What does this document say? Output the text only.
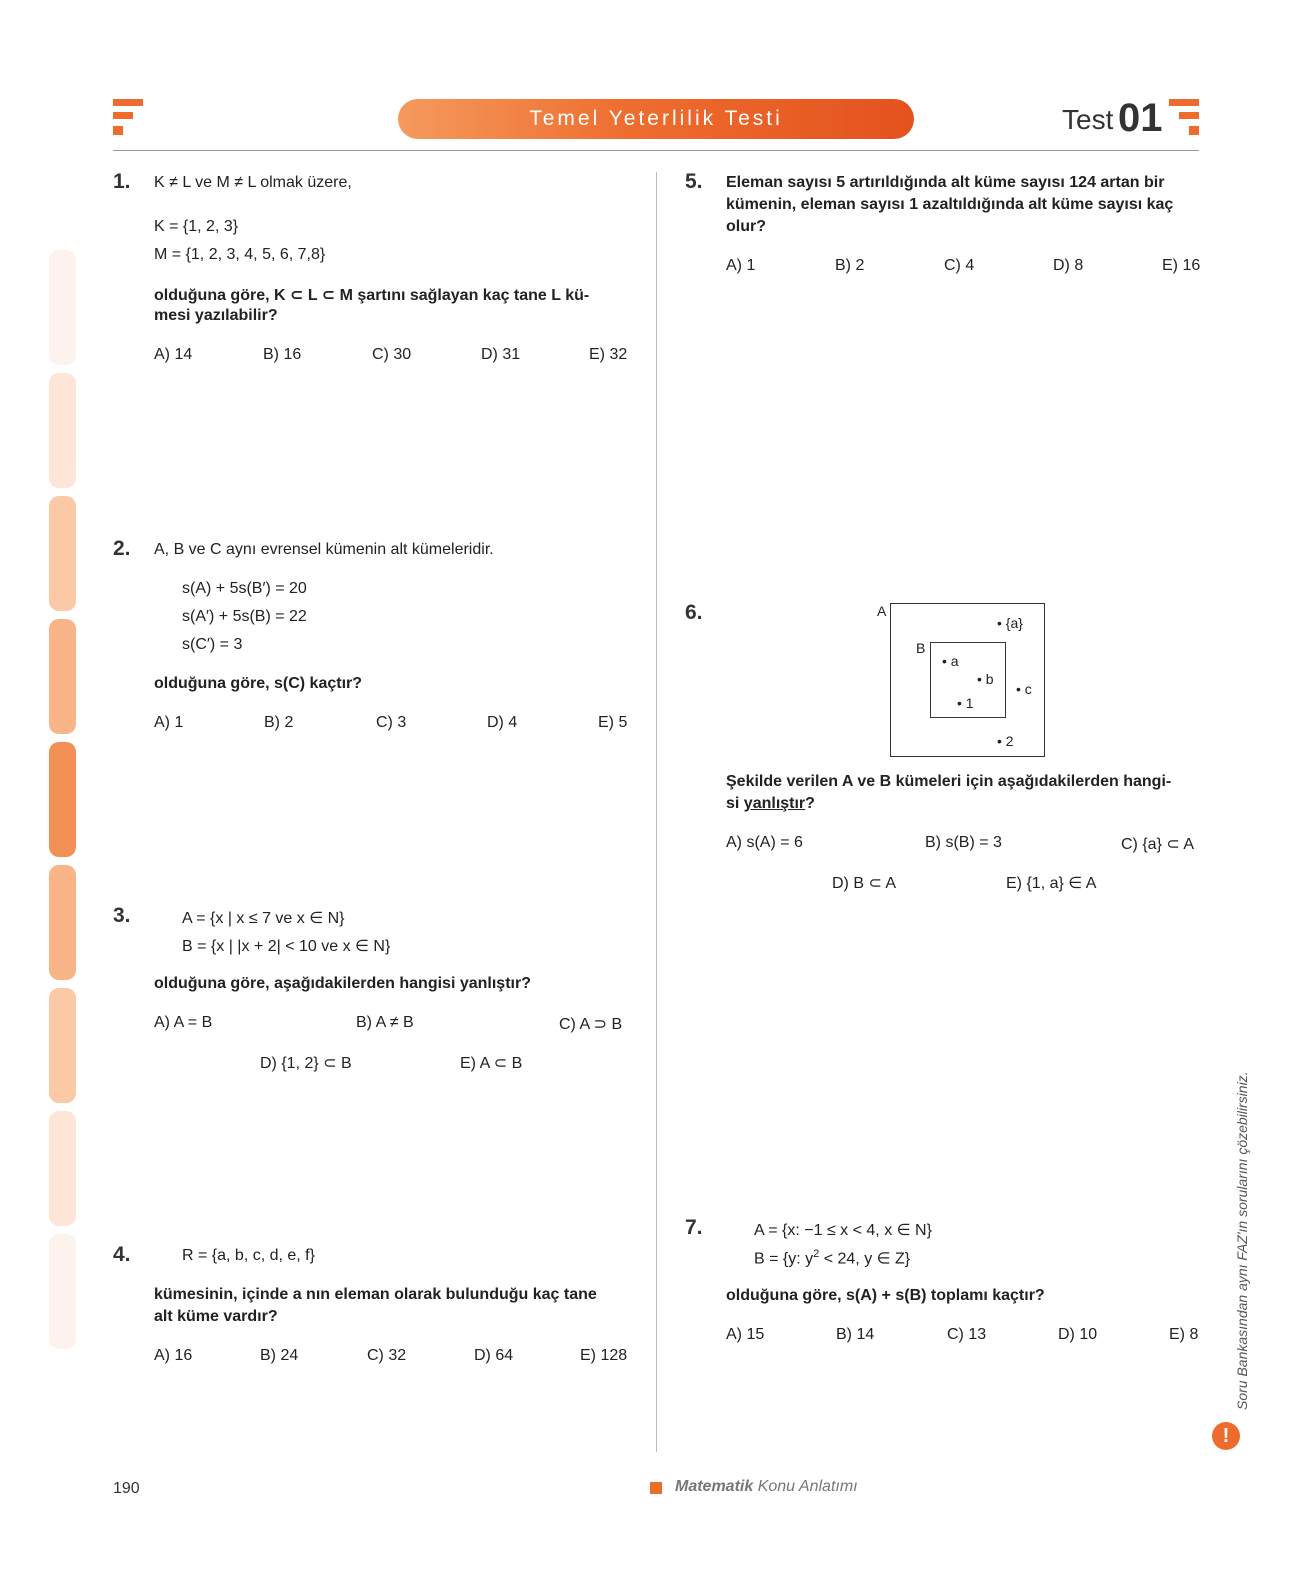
Temel Yeterlilik Testi	Test 01
1. K ≠ L ve M ≠ L olmak üzere,
K = {1, 2, 3}
M = {1, 2, 3, 4, 5, 6, 7,8}
olduğuna göre, K ⊂ L ⊂ M şartını sağlayan kaç tane L kü-
mesi yazılabilir?
A) 14	B) 16	C) 30	D) 31	E) 32
2. A, B ve C aynı evrensel kümenin alt kümeleridir.
s(A) + 5s(B′) = 20
s(A′) + 5s(B) = 22
s(C′) = 3
olduğuna göre, s(C) kaçtır?
A) 1	B) 2	C) 3	D) 4	E) 5
3.	A = {x | x ≤ 7 ve x ∈ N}
B = {x | |x + 2| < 10 ve x ∈ N}
olduğuna göre, aşağıdakilerden hangisi yanlıştır?
A) A = B	B) A ≠ B	C) A ⊃ B
D) {1, 2} ⊂ B	E) A ⊂ B
4.	R = {a, b, c, d, e, f}
kümesinin, içinde a nın eleman olarak bulunduğu kaç tane
alt küme vardır?
A) 16	B) 24	C) 32	D) 64	E) 128
5. Eleman sayısı 5 artırıldığında alt küme sayısı 124 artan bir
kümenin, eleman sayısı 1 azaltıldığında alt küme sayısı kaç
olur?
A) 1	B) 2	C) 4	D) 8	E) 16
6.	A
B
• {a}
• a
• b
• 1
• c
• 2
Şekilde verilen A ve B kümeleri için aşağıdakilerden hangi-
si yanlıştır?
A) s(A) = 6	B) s(B) = 3	C) {a} ⊂ A
D) B ⊂ A	E) {1, a} ∈ A
7.	A = {x: −1 ≤ x < 4, x ∈ N}
B = {y: $y^2 < 24$, y ∈ Z}
olduğuna göre, s(A) + s(B) toplamı kaçtır?
A) 15	B) 14	C) 13	D) 10	E) 8
190	Matematik Konu Anlatımı
Soru Bankasından aynı FAZ'ın sorularını çözebilirsiniz.
!
